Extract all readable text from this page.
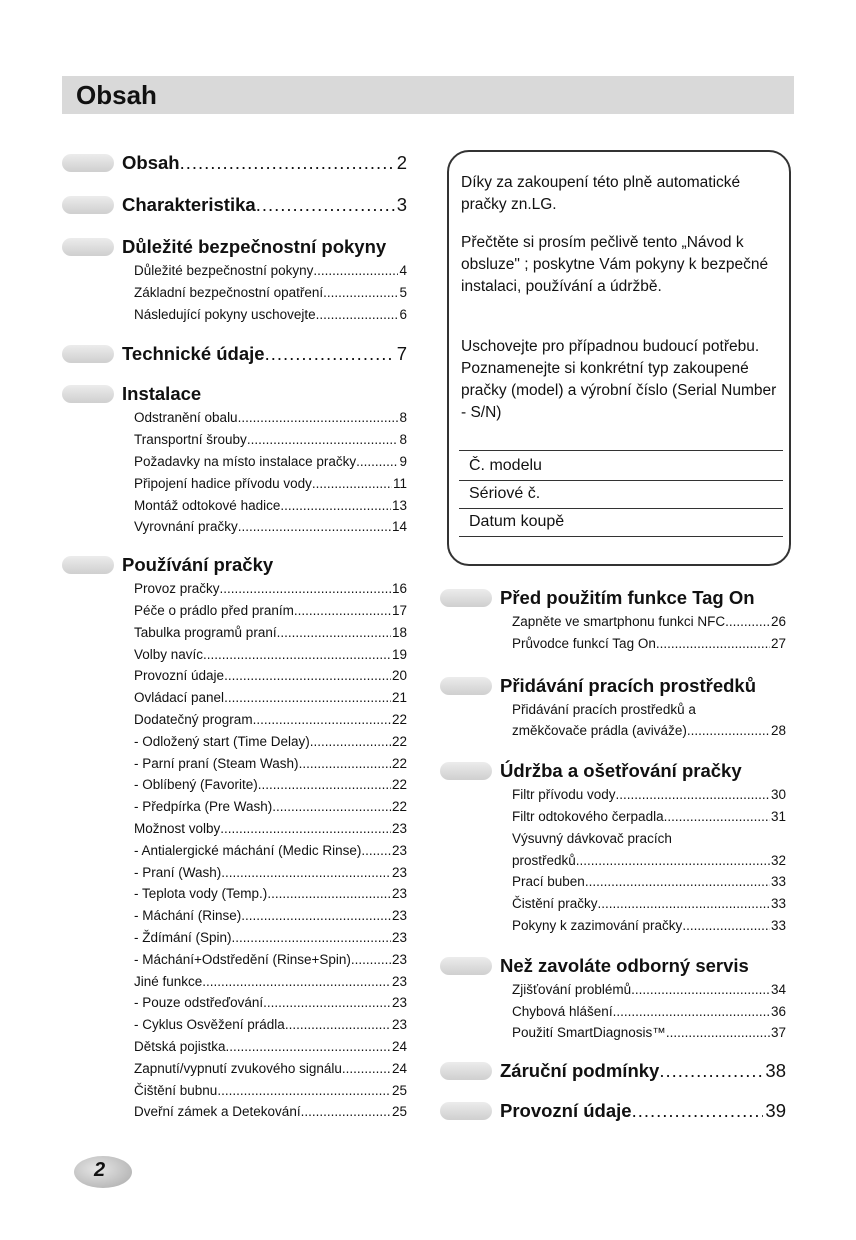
Obsah
Obsah .....	2
Charakteristika .....	3
Důležité bezpečnostní pokyny
Důležité bezpečnostní pokyny .....	4
Základní bezpečnostní opatření .....	5
Následující pokyny uschovejte .....	6
Technické údaje .....	7
Instalace
Odstranění obalu .....	8
Transportní šrouby .....	8
Požadavky na místo instalace pračky .....	9
Připojení hadice přívodu vody .....	11
Montáž odtokové hadice .....	13
Vyrovnání pračky .....	14
Používání pračky
Provoz pračky .....	16
Péče o prádlo před praním .....	17
Tabulka programů praní .....	18
Volby navíc .....	19
Provozní údaje .....	20
Ovládací panel .....	21
Dodatečný program .....	22
- Odložený start (Time Delay) .....	22
- Parní praní (Steam Wash) .....	22
- Oblíbený (Favorite) .....	22
- Předpírka (Pre Wash) .....	22
Možnost volby .....	23
- Antialergické máchání (Medic Rinse) ..... 23
- Praní (Wash) .....	23
- Teplota vody (Temp.) .....	23
- Máchání (Rinse) .....	23
- Ždímání (Spin) .....	23
- Máchání+Odstředění (Rinse+Spin) .....	23
Jiné funkce .....	23
- Pouze odstřeďování .....	23
- Cyklus Osvěžení prádla .....	23
Dětská pojistka .....	24
Zapnutí/vypnutí zvukového signálu .....	24
Čištění bubnu .....	25
Dveřní zámek a Detekování .....	25
Před použitím funkce Tag On
Zapněte ve smartphonu funkci NFC .....	26
Průvodce funkcí Tag On .....	27
Přidávání pracích prostředků
Přidávání pracích prostředků a
změkčovače prádla (aviváže) .....	28
Údržba a ošetřování pračky
Filtr přívodu vody .....	30
Filtr odtokového čerpadla .....	31
Výsuvný dávkovač pracích
prostředků .....	32
Prací buben .....	33
Čistění pračky .....	33
Pokyny k zazimování pračky .....	33
Než zavoláte odborný servis
Zjišťování problémů .....	34
Chybová hlášení .....	36
Použití SmartDiagnosis™ .....	37
Záruční podmínky .....	38
Provozní údaje .....	39

Díky za zakoupení této plně automatické pračky zn.LG.

Přečtěte si prosím pečlivě tento „Návod k obsluze" ; poskytne Vám pokyny k bezpečné instalaci, používání a údržbě.

Uschovejte pro případnou budoucí potřebu. Poznamenejte si konkrétní typ zakoupené pračky (model) a výrobní číslo (Serial Number - S/N)

Č. modelu
Sériové č.
Datum koupě
2
